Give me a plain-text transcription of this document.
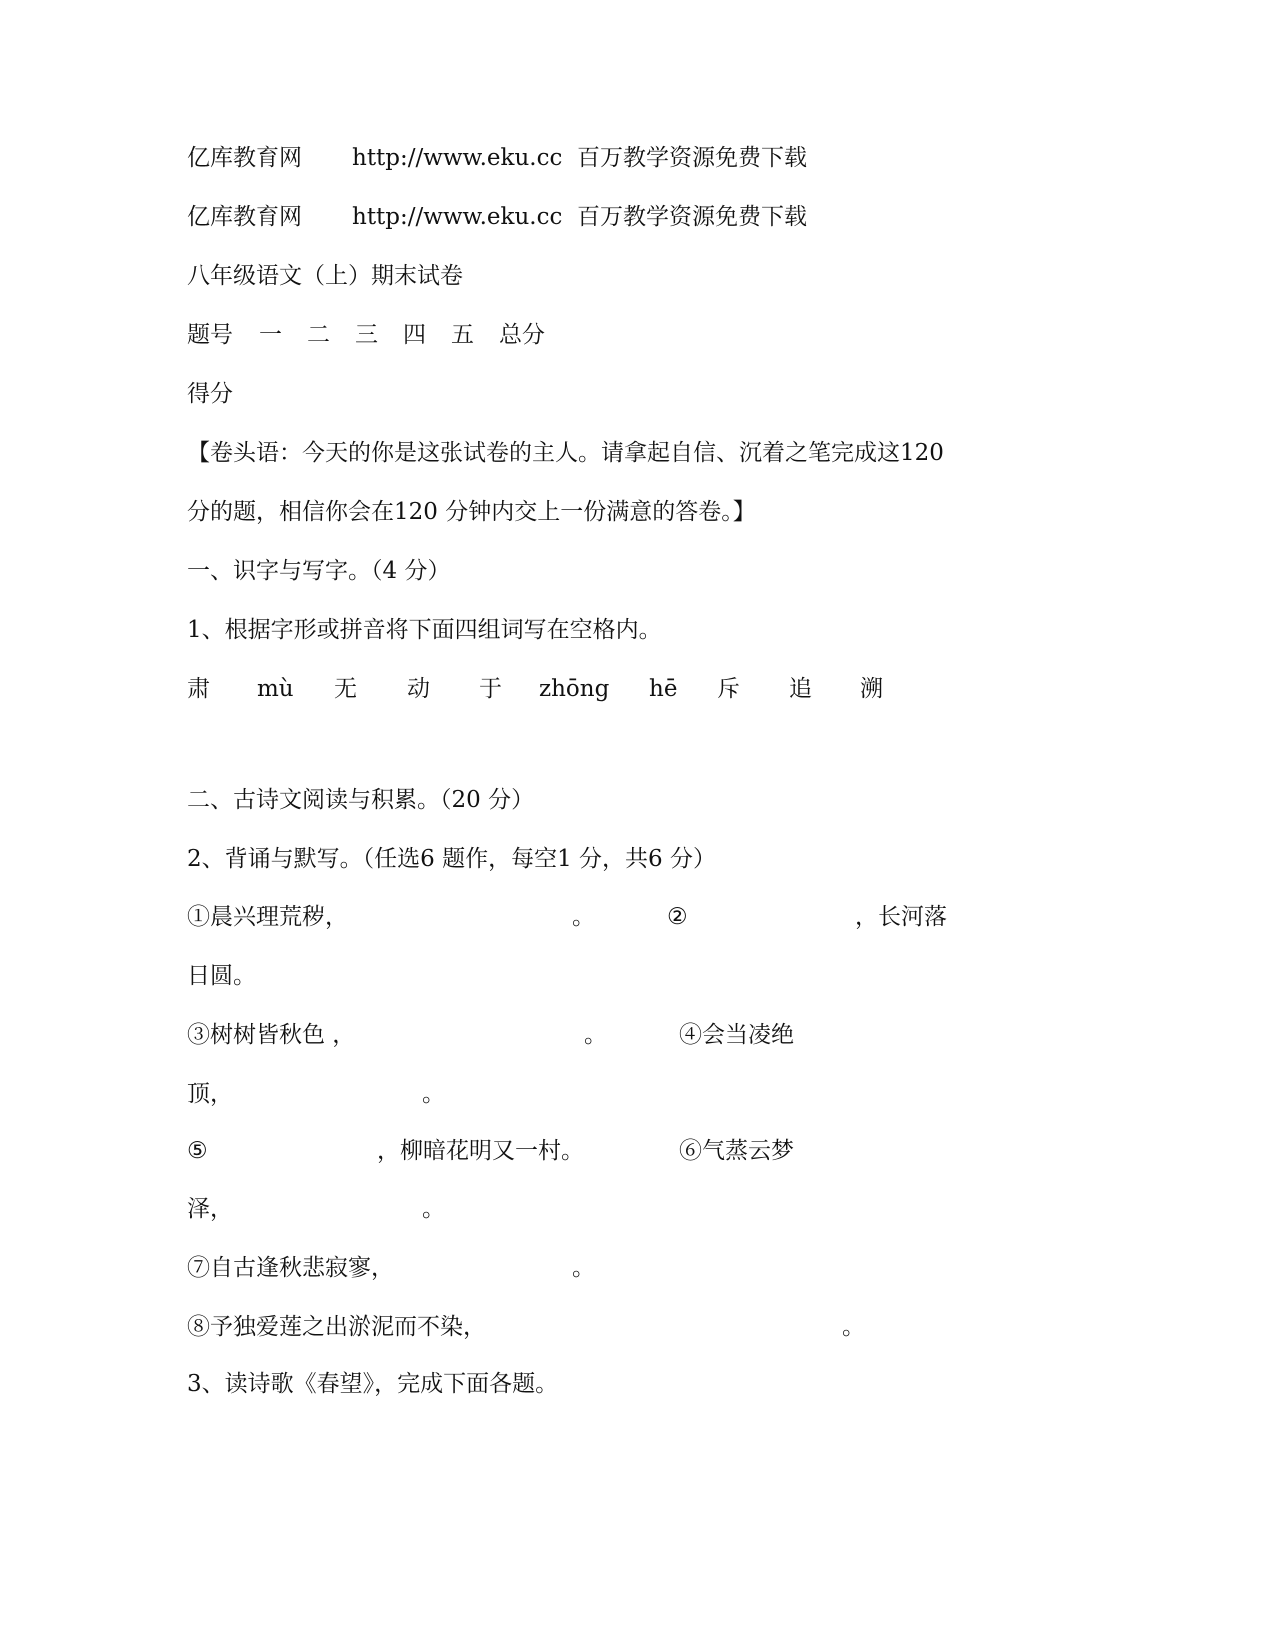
亿库教育网 http://www.eku.cc 百万教学资源免费下载
亿库教育网 http://www.eku.cc 百万教学资源免费下载
八年级语文（上）期末试卷
题号 一 二 三 四 五 总分
得分
【卷头语：今天的你是这张试卷的主人。请拿起自信、沉着之笔完成这120
分的题，相信你会在120 分钟内交上一份满意的答卷。】
一、识字与写字。（4 分）
1、根据字形或拼音将下面四组词写在空格内。
肃 mù 无 动 于 zhōng hē 斥 追 溯
二、古诗文阅读与积累。（20 分）
2、背诵与默写。（任选6 题作，每空1 分，共6 分）
①晨兴理荒秽，	。	②	，长河落
日圆。
③树树皆秋色 ，	。	④会当凌绝
顶，	。
⑤	，柳暗花明又一村。	⑥气蒸云梦
泽，	。
⑦自古逢秋悲寂寥，	。
⑧予独爱莲之出淤泥而不染，	。
3、读诗歌《春望》，完成下面各题。
